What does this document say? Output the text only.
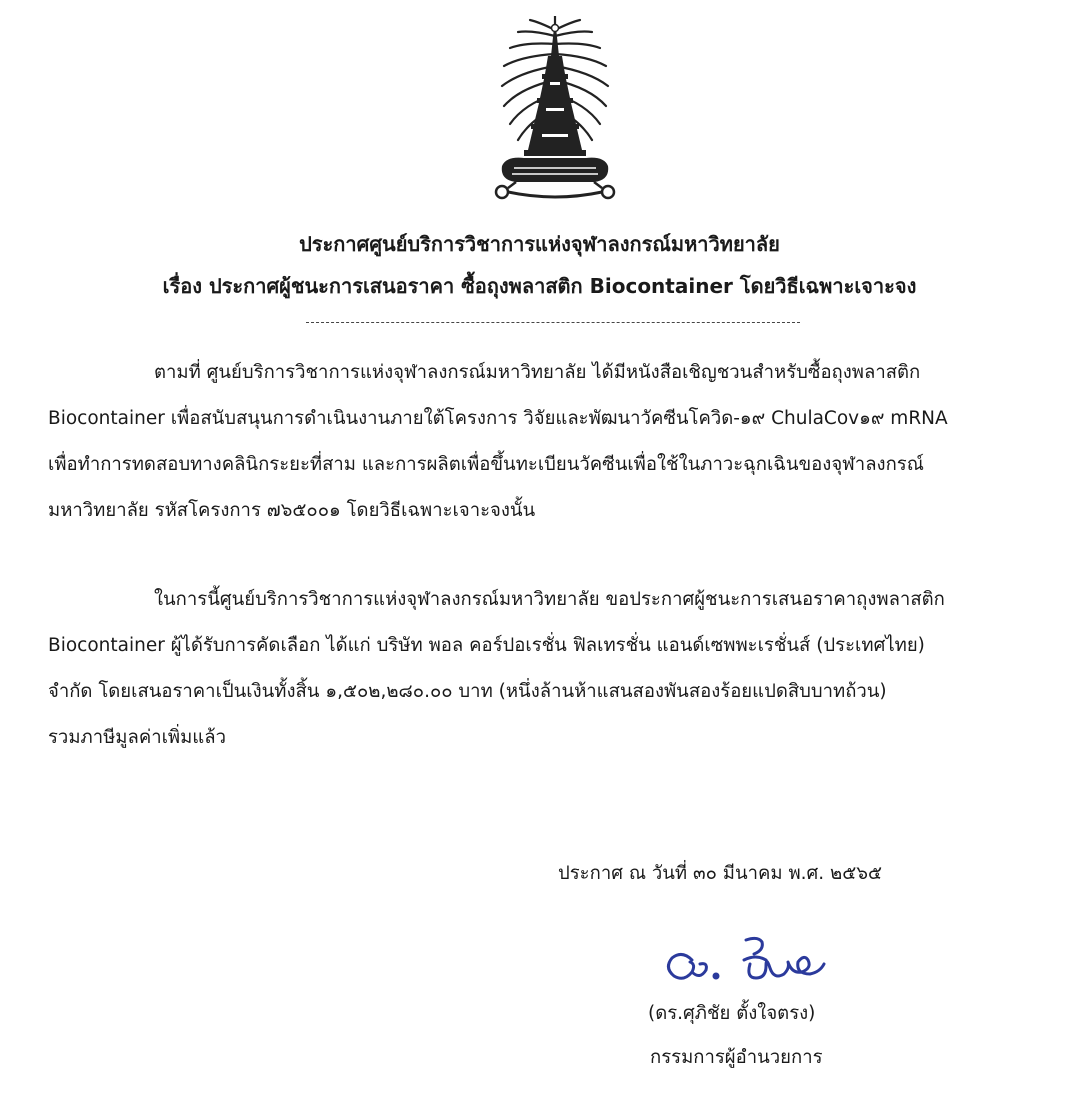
ประกาศศูนย์บริการวิชาการแห่งจุฬาลงกรณ์มหาวิทยาลัย
เรื่อง ประกาศผู้ชนะการเสนอราคา ซื้อถุงพลาสติก Biocontainer โดยวิธีเฉพาะเจาะจง
ตามที่ ศูนย์บริการวิชาการแห่งจุฬาลงกรณ์มหาวิทยาลัย ได้มีหนังสือเชิญชวนสำหรับซื้อถุงพลาสติก
Biocontainer เพื่อสนับสนุนการดำเนินงานภายใต้โครงการ วิจัยและพัฒนาวัคซีนโควิด-๑๙ ChulaCov๑๙ mRNA
เพื่อทำการทดสอบทางคลินิกระยะที่สาม และการผลิตเพื่อขึ้นทะเบียนวัคซีนเพื่อใช้ในภาวะฉุกเฉินของจุฬาลงกรณ์
มหาวิทยาลัย รหัสโครงการ ๗๖๕๐๐๑ โดยวิธีเฉพาะเจาะจงนั้น
ในการนี้ศูนย์บริการวิชาการแห่งจุฬาลงกรณ์มหาวิทยาลัย ขอประกาศผู้ชนะการเสนอราคาถุงพลาสติก
Biocontainer ผู้ได้รับการคัดเลือก ได้แก่ บริษัท พอล คอร์ปอเรชั่น ฟิลเทรชั่น แอนด์เซพพะเรชั่นส์ (ประเทศไทย)
จำกัด โดยเสนอราคาเป็นเงินทั้งสิ้น ๑,๕๐๒,๒๘๐.๐๐ บาท (หนึ่งล้านห้าแสนสองพันสองร้อยแปดสิบบาทถ้วน)
รวมภาษีมูลค่าเพิ่มแล้ว
ประกาศ ณ วันที่ ๓๐ มีนาคม พ.ศ. ๒๕๖๕
(ดร.ศุภิชัย ตั้งใจตรง)
กรรมการผู้อำนวยการ
